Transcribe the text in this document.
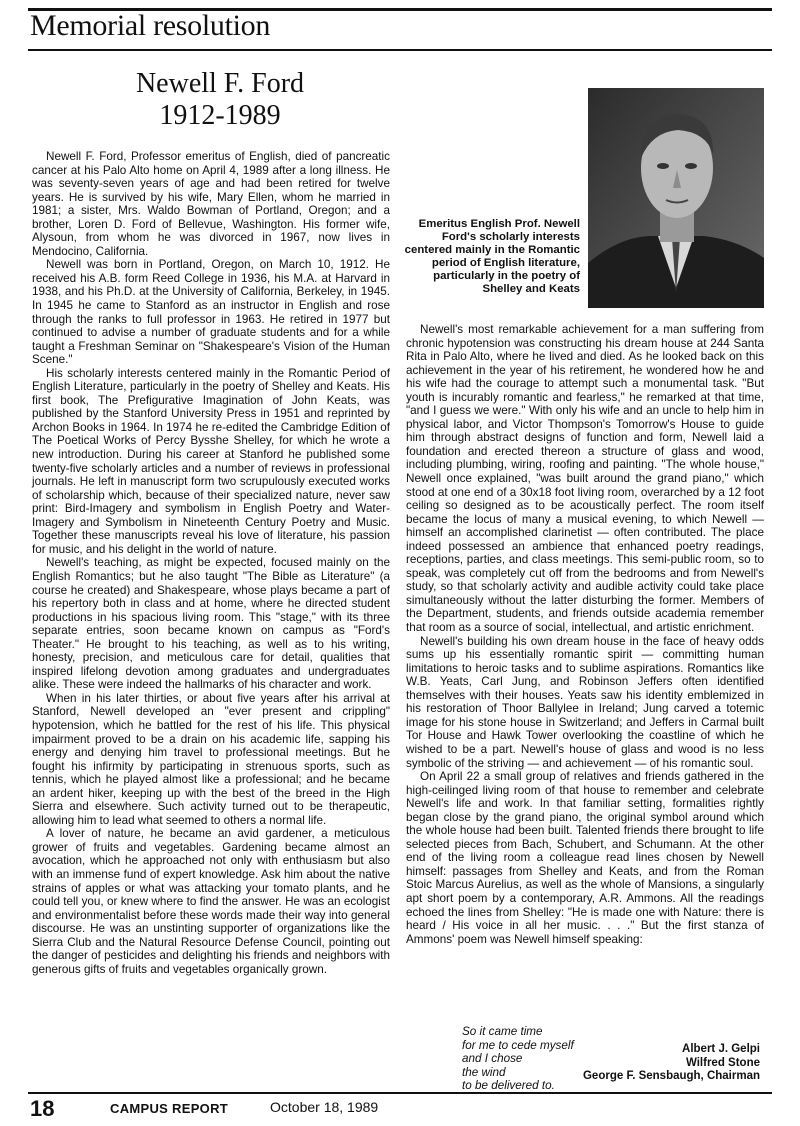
Memorial resolution
Newell F. Ford
1912-1989
Emeritus English Prof. Newell Ford's scholarly interests centered mainly in the Romantic period of English literature, particularly in the poetry of Shelley and Keats

Newell F. Ford, Professor emeritus of English, died of pancreatic cancer at his Palo Alto home on April 4, 1989 after a long illness. He was seventy-seven years of age and had been retired for twelve years. He is survived by his wife, Mary Ellen, whom he married in 1981; a sister, Mrs. Waldo Bowman of Portland, Oregon; and a brother, Loren D. Ford of Bellevue, Washington. His former wife, Alysoun, from whom he was divorced in 1967, now lives in Mendocino, California.

Newell was born in Portland, Oregon, on March 10, 1912. He received his A.B. form Reed College in 1936, his M.A. at Harvard in 1938, and his Ph.D. at the University of California, Berkeley, in 1945. In 1945 he came to Stanford as an instructor in English and rose through the ranks to full professor in 1963. He retired in 1977 but continued to advise a number of graduate students and for a while taught a Freshman Seminar on "Shakespeare's Vision of the Human Scene."

His scholarly interests centered mainly in the Romantic Period of English Literature, particularly in the poetry of Shelley and Keats. His first book, The Prefigurative Imagination of John Keats, was published by the Stanford University Press in 1951 and reprinted by Archon Books in 1964. In 1974 he re-edited the Cambridge Edition of The Poetical Works of Percy Bysshe Shelley, for which he wrote a new introduction. During his career at Stanford he published some twenty-five scholarly articles and a number of reviews in professional journals. He left in manuscript form two scrupulously executed works of scholarship which, because of their specialized nature, never saw print: Bird-Imagery and symbolism in English Poetry and Water-Imagery and Symbolism in Nineteenth Century Poetry and Music. Together these manuscripts reveal his love of literature, his passion for music, and his delight in the world of nature.

Newell's teaching, as might be expected, focused mainly on the English Romantics; but he also taught "The Bible as Literature" (a course he created) and Shakespeare, whose plays became a part of his repertory both in class and at home, where he directed student productions in his spacious living room. This "stage," with its three separate entries, soon became known on campus as "Ford's Theater." He brought to his teaching, as well as to his writing, honesty, precision, and meticulous care for detail, qualities that inspired lifelong devotion among graduates and undergraduates alike. These were indeed the hallmarks of his character and work.

When in his later thirties, or about five years after his arrival at Stanford, Newell developed an "ever present and crippling" hypotension, which he battled for the rest of his life. This physical impairment proved to be a drain on his academic life, sapping his energy and denying him travel to professional meetings. But he fought his infirmity by participating in strenuous sports, such as tennis, which he played almost like a professional; and he became an ardent hiker, keeping up with the best of the breed in the High Sierra and elsewhere. Such activity turned out to be therapeutic, allowing him to lead what seemed to others a normal life.

A lover of nature, he became an avid gardener, a meticulous grower of fruits and vegetables. Gardening became almost an avocation, which he approached not only with enthusiasm but also with an immense fund of expert knowledge. Ask him about the native strains of apples or what was attacking your tomato plants, and he could tell you, or knew where to find the answer. He was an ecologist and environmentalist before these words made their way into general discourse. He was an unstinting supporter of organizations like the Sierra Club and the Natural Resource Defense Council, pointing out the danger of pesticides and delighting his friends and neighbors with generous gifts of fruits and vegetables organically grown.

Newell's most remarkable achievement for a man suffering from chronic hypotension was constructing his dream house at 244 Santa Rita in Palo Alto, where he lived and died. As he looked back on this achievement in the year of his retirement, he wondered how he and his wife had the courage to attempt such a monumental task. "But youth is incurably romantic and fearless," he remarked at that time, "and I guess we were." With only his wife and an uncle to help him in physical labor, and Victor Thompson's Tomorrow's House to guide him through abstract designs of function and form, Newell laid a foundation and erected thereon a structure of glass and wood, including plumbing, wiring, roofing and painting. "The whole house," Newell once explained, "was built around the grand piano," which stood at one end of a 30x18 foot living room, overarched by a 12 foot ceiling so designed as to be acoustically perfect. The room itself became the locus of many a musical evening, to which Newell — himself an accomplished clarinetist — often contributed. The place indeed possessed an ambience that enhanced poetry readings, receptions, parties, and class meetings. This semi-public room, so to speak, was completely cut off from the bedrooms and from Newell's study, so that scholarly activity and audible activity could take place simultaneously without the latter disturbing the former. Members of the Department, students, and friends outside academia remember that room as a source of social, intellectual, and artistic enrichment.

Newell's building his own dream house in the face of heavy odds sums up his essentially romantic spirit — committing human limitations to heroic tasks and to sublime aspirations. Romantics like W.B. Yeats, Carl Jung, and Robinson Jeffers often identified themselves with their houses. Yeats saw his identity emblemized in his restoration of Thoor Ballylee in Ireland; Jung carved a totemic image for his stone house in Switzerland; and Jeffers in Carmal built Tor House and Hawk Tower overlooking the coastline of which he wished to be a part. Newell's house of glass and wood is no less symbolic of the striving — and achievement — of his romantic soul.

On April 22 a small group of relatives and friends gathered in the high-ceilinged living room of that house to remember and celebrate Newell's life and work. In that familiar setting, formalities rightly began close by the grand piano, the original symbol around which the whole house had been built. Talented friends there brought to life selected pieces from Bach, Schubert, and Schumann. At the other end of the living room a colleague read lines chosen by Newell himself: passages from Shelley and Keats, and from the Roman Stoic Marcus Aurelius, as well as the whole of Mansions, a singularly apt short poem by a contemporary, A.R. Ammons. All the readings echoed the lines from Shelley: "He is made one with Nature: there is heard / His voice in all her music. . . ." But the first stanza of Ammons' poem was Newell himself speaking:

So it came time
for me to cede myself
and I chose
the wind
to be delivered to.
Albert J. Gelpi
Wilfred Stone
George F. Sensbaugh, Chairman
18	CAMPUS REPORT	October 18, 1989
